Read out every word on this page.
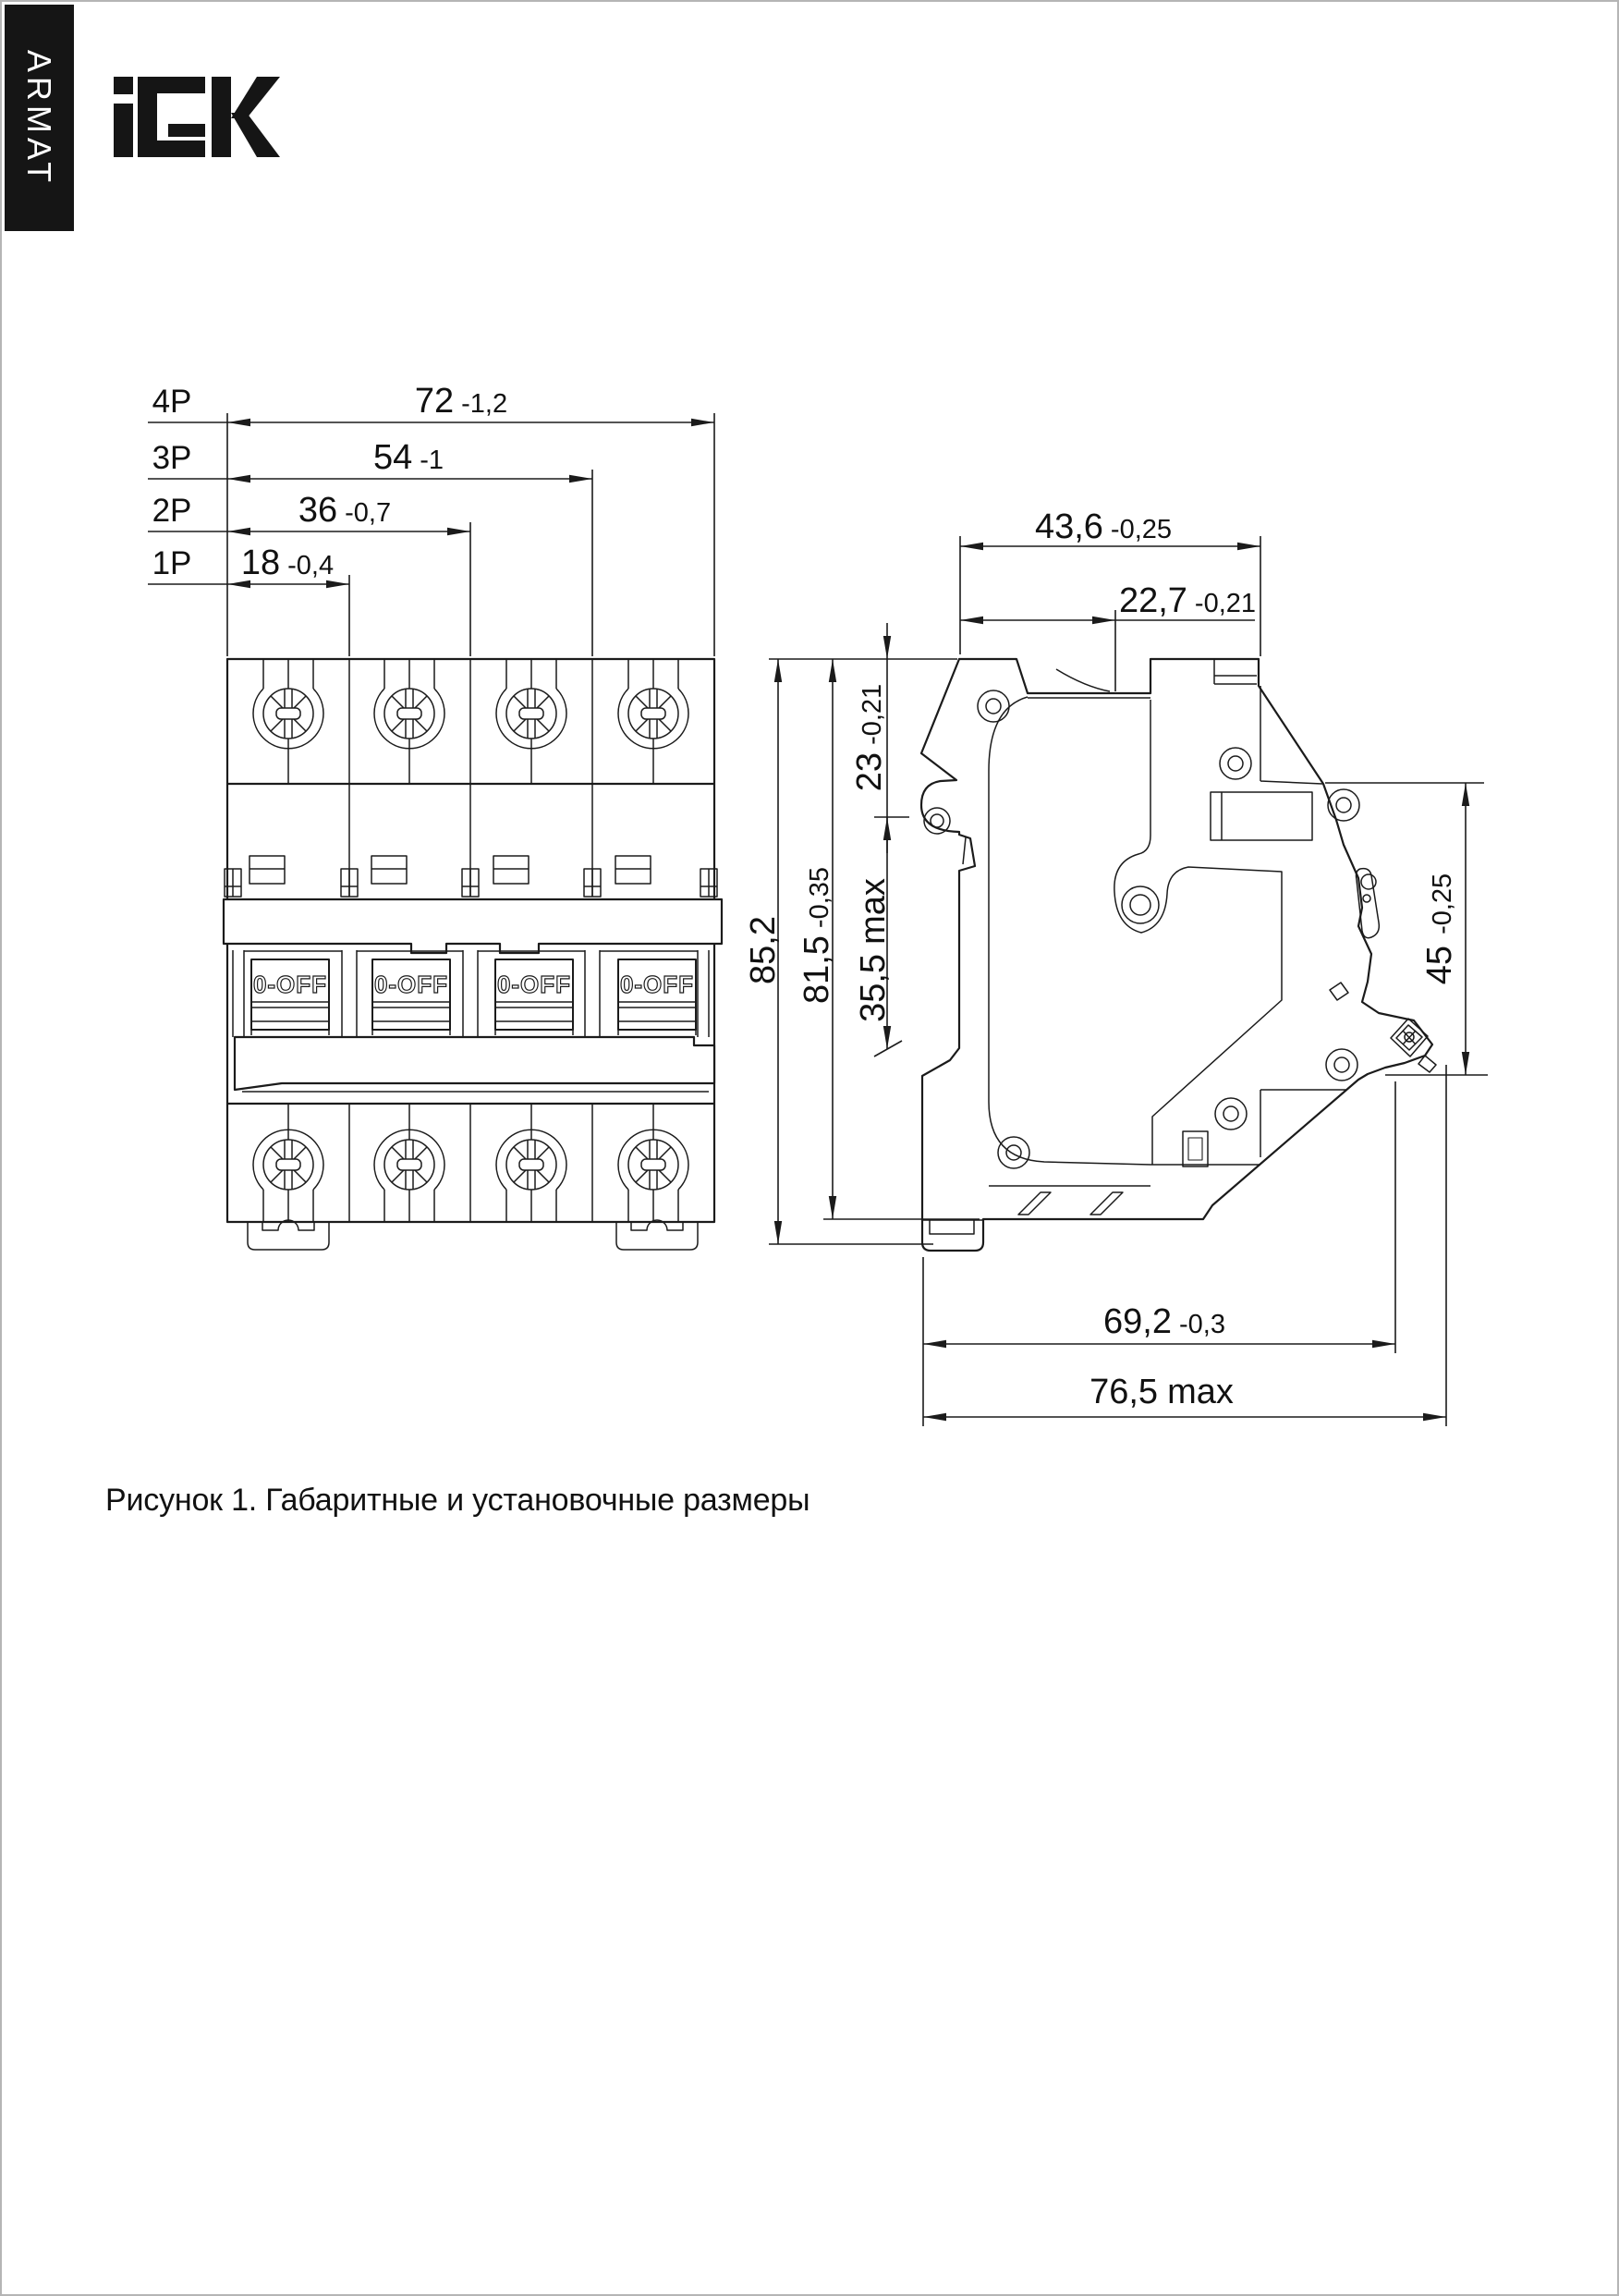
ARMAT
Рисунок 1. Габаритные и установочные размеры
0-OFF 0-OFF 0-OFF 0-OFF
4P
3P
2P
1P
72 -1,2
54 -1
36 -0,7
18 -0,4
43,6 -0,25
22,7 -0,21
85,2 81,5-0,35
23-0,21
35,5max
45-0,25
69,2 -0,3
76,5 max
